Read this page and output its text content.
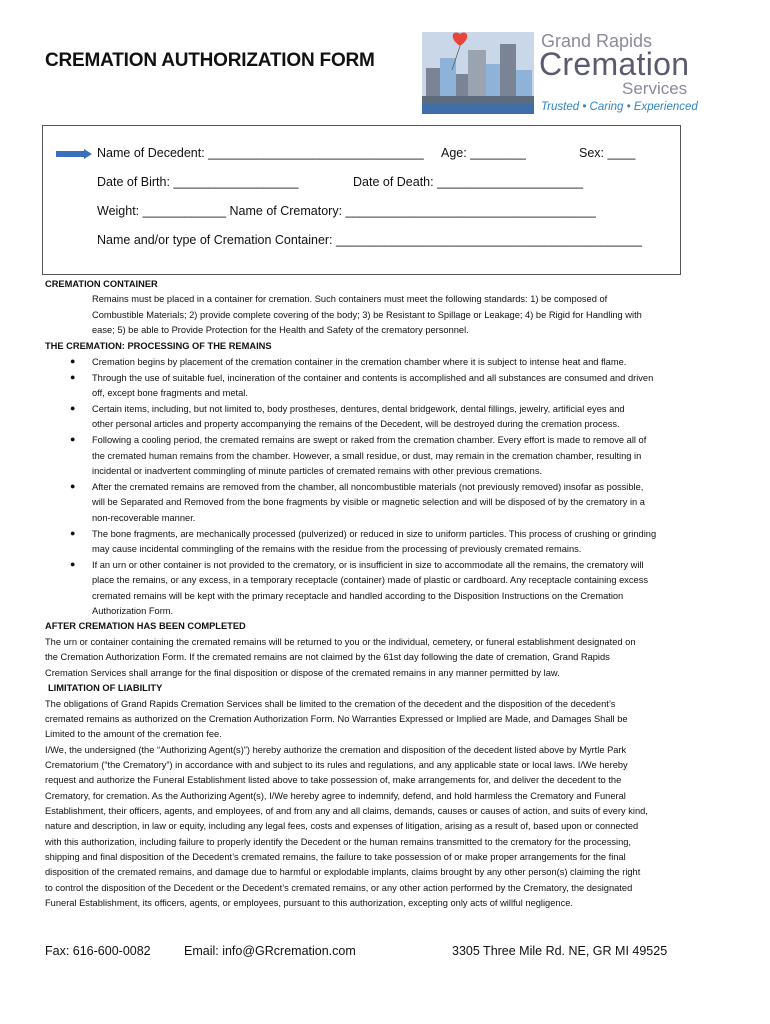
CREMATION AUTHORIZATION FORM
Grand Rapids
Cremation
Services
Trusted • Caring • Experienced
Name of Decedent: _______________________________ Age: ________	Sex: ____
Date of Birth: __________________	Date of Death: _____________________
Weight: ____________ Name of Crematory: ____________________________________
Name and/or type of Cremation Container: ____________________________________________
CREMATION CONTAINER
Remains must be placed in a container for cremation. Such containers must meet the following standards: 1) be composed of
Combustible Materials; 2) provide complete covering of the body; 3) be Resistant to Spillage or Leakage; 4) be Rigid for Handling with
ease; 5) be able to Provide Protection for the Health and Safety of the crematory personnel.
THE CREMATION: PROCESSING OF THE REMAINS
● Cremation begins by placement of the cremation container in the cremation chamber where it is subject to intense heat and flame.
● Through the use of suitable fuel, incineration of the container and contents is accomplished and all substances are consumed and driven
off, except bone fragments and metal.
● Certain items, including, but not limited to, body prostheses, dentures, dental bridgework, dental fillings, jewelry, artificial eyes and
other personal articles and property accompanying the remains of the Decedent, will be destroyed during the cremation process.
● Following a cooling period, the cremated remains are swept or raked from the cremation chamber. Every effort is made to remove all of
the cremated human remains from the chamber. However, a small residue, or dust, may remain in the cremation chamber, resulting in
incidental or inadvertent commingling of minute particles of cremated remains with other previous cremations.
● After the cremated remains are removed from the chamber, all noncombustible materials (not previously removed) insofar as possible,
will be Separated and Removed from the bone fragments by visible or magnetic selection and will be disposed of by the crematory in a
non-recoverable manner.
● The bone fragments, are mechanically processed (pulverized) or reduced in size to uniform particles. This process of crushing or grinding
may cause incidental commingling of the remains with the residue from the processing of previously cremated remains.
● If an urn or other container is not provided to the crematory, or is insufficient in size to accommodate all the remains, the crematory will
place the remains, or any excess, in a temporary receptacle (container) made of plastic or cardboard. Any receptacle containing excess
cremated remains will be kept with the primary receptacle and handled according to the Disposition Instructions on the Cremation
Authorization Form.
AFTER CREMATION HAS BEEN COMPLETED
The urn or container containing the cremated remains will be returned to you or the individual, cemetery, or funeral establishment designated on
the Cremation Authorization Form. If the cremated remains are not claimed by the 61st day following the date of cremation, Grand Rapids
Cremation Services shall arrange for the final disposition or dispose of the cremated remains in any manner permitted by law.
LIMITATION OF LIABILITY
The obligations of Grand Rapids Cremation Services shall be limited to the cremation of the decedent and the disposition of the decedent’s
cremated remains as authorized on the Cremation Authorization Form. No Warranties Expressed or Implied are Made, and Damages Shall be
Limited to the amount of the cremation fee.
I/We, the undersigned (the “Authorizing Agent(s)”) hereby authorize the cremation and disposition of the decedent listed above by Myrtle Park
Crematorium (“the Crematory”) in accordance with and subject to its rules and regulations, and any applicable state or local laws. I/We hereby
request and authorize the Funeral Establishment listed above to take possession of, make arrangements for, and deliver the decedent to the
Crematory, for cremation. As the Authorizing Agent(s), I/We hereby agree to indemnify, defend, and hold harmless the Crematory and Funeral
Establishment, their officers, agents, and employees, of and from any and all claims, demands, causes or causes of action, and suits of every kind,
nature and description, in law or equity, including any legal fees, costs and expenses of litigation, arising as a result of, based upon or connected
with this authorization, including failure to properly identify the Decedent or the human remains transmitted to the crematory for the processing,
shipping and final disposition of the Decedent’s cremated remains, the failure to take possession of or make proper arrangements for the final
disposition of the cremated remains, and damage due to harmful or explodable implants, claims brought by any other person(s) claiming the right
to control the disposition of the Decedent or the Decedent’s cremated remains, or any other action performed by the Crematory, the designated
Funeral Establishment, its officers, agents, or employees, pursuant to this authorization, excepting only acts of willful negligence.
Fax: 616-600-0082	Email: info@GRcremation.com	3305 Three Mile Rd. NE, GR MI 49525
